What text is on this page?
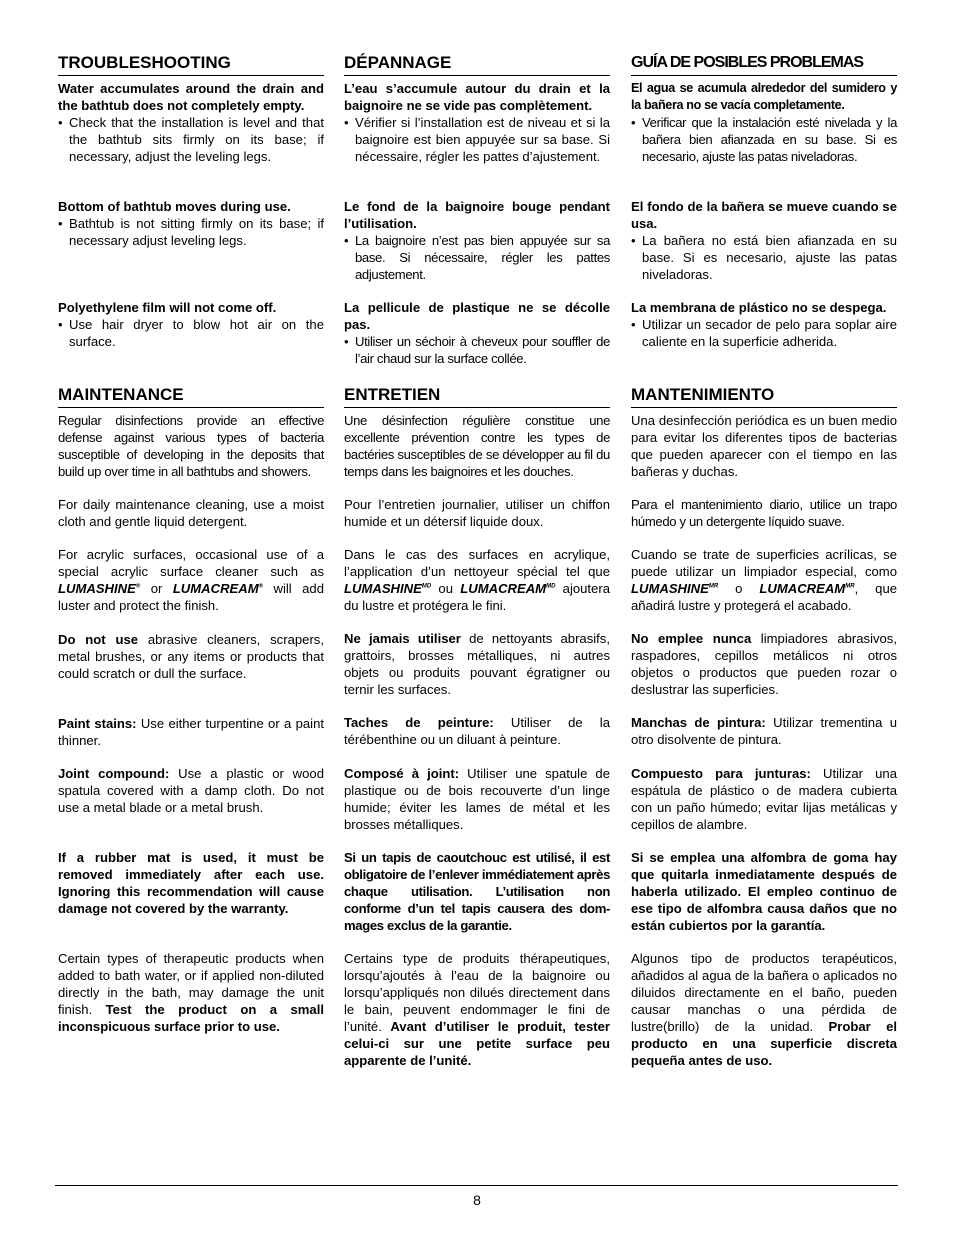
TROUBLESHOOTING

Water accumulates around the drain and the bathtub does not completely empty.

• Check that the installation is level and that the bathtub sits firmly on its base; if necessary, adjust the leveling legs.

Bottom of bathtub moves during use.

• Bathtub is not sitting firmly on its base; if necessary adjust leveling legs.

Polyethylene film will not come off.

• Use hair dryer to blow hot air on the surface.
MAINTENANCE

Regular disinfections provide an effective defense against various types of bacteria susceptible of developing in the deposits that build up over time in all bathtubs and showers.

For daily maintenance cleaning, use a moist cloth and gentle liquid detergent.

For acrylic surfaces, occasional use of a special acrylic surface cleaner such as LUMASHINE® or LUMACREAM® will add luster and protect the finish.

Do not use abrasive cleaners, scrapers, metal brushes, or any items or products that could scratch or dull the surface.

Paint stains: Use either turpentine or a paint thinner.

Joint compound: Use a plastic or wood spatula covered with a damp cloth. Do not use a metal blade or a metal brush.

If a rubber mat is used, it must be removed immediately after each use. Ignoring this recommendation will cause damage not covered by the warranty.

Certain types of therapeutic products when added to bath water, or if applied non-diluted directly in the bath, may damage the unit finish. Test the product on a small inconspicuous surface prior to use.

DÉPANNAGE

L’eau s’accumule autour du drain et la baignoire ne se vide pas complètement.

• Vérifier si l’installation est de niveau et si la baignoire est bien appuyée sur sa base. Si nécessaire, régler les pattes d’ajustement.

Le fond de la baignoire bouge pendant l’utilisation.

• La baignoire n’est pas bien appuyée sur sa base. Si nécessaire, régler les pattes adjustement.

La pellicule de plastique ne se décolle pas.

• Utiliser un séchoir à cheveux pour souffler de l’air chaud sur la surface collée.
ENTRETIEN

Une désinfection régulière constitue une excellente prévention contre les types de bactéries susceptibles de se développer au fil du temps dans les baignoires et les douches.

Pour l’entretien journalier, utiliser un chiffon humide et un détersif liquide doux.

Dans le cas des surfaces en acrylique, l’application d’un nettoyeur spécial tel que $LUMASHINE^{MD}$ ou $LUMACREAM^{MD}$ ajoutera du lustre et protégera le fini.

Ne jamais utiliser de nettoyants abrasifs, grattoirs, brosses métalliques, ni autres objets ou produits pouvant égratigner ou ternir les surfaces.

Taches de peinture: Utiliser de la térébenthine ou un diluant à peinture.

Composé à joint: Utiliser une spatule de plastique ou de bois recouverte d’un linge humide; éviter les lames de métal et les brosses métalliques.

Si un tapis de caoutchouc est utilisé, il est obligatoire de l’enlever immédiatement après chaque utilisation. L’utilisation non conforme d’un tel tapis causera des dom- mages exclus de la garantie.

Certains type de produits thérapeutiques, lorsqu’ajoutés à l’eau de la baignoire ou lorsqu’appliqués non dilués directement dans le bain, peuvent endommager le fini de l’unité. Avant d’utiliser le produit, tester celui-ci sur une petite surface peu apparente de l’unité.

GUÍA DE POSIBLES PROBLEMAS

El agua se acumula alrededor del sumidero y la bañera no se vacía completamente.

• Verificar que la instalación esté nivelada y la bañera bien afianzada en su base. Si es necesario, ajuste las patas niveladoras.

El fondo de la bañera se mueve cuando se usa.

• La bañera no está bien afianzada en su base. Si es necesario, ajuste las patas niveladoras.

La membrana de plástico no se despega.

• Utilizar un secador de pelo para soplar aire caliente en la superficie adherida.
MANTENIMIENTO

Una desinfección periódica es un buen medio para evitar los diferentes tipos de bacterias que pueden aparecer con el tiempo en las bañeras y duchas.

Para el mantenimiento diario, utilice un trapo húmedo y un detergente líquido suave.

Cuando se trate de superficies acrílicas, se puede utilizar un limpiador especial, como $LUMASHINE^{MR}$ o $LUMACREAM^{MR}$, que añadirá lustre y protegerá el acabado.

No emplee nunca limpiadores abrasivos, raspadores, cepillos metálicos ni otros objetos o productos que pueden rozar o deslustrar las superficies.

Manchas de pintura: Utilizar trementina u otro disolvente de pintura.

Compuesto para junturas: Utilizar una espátula de plástico o de madera cubierta con un paño húmedo; evitar lijas metálicas y cepillos de alambre.

Si se emplea una alfombra de goma hay que quitarla inmediatamente después de haberla utilizado. El empleo continuo de ese tipo de alfombra causa daños que no están cubiertos por la garantía.

Algunos tipo de productos terapéuticos, añadidos al agua de la bañera o aplicados no diluidos directamente en el baño, pueden causar manchas o una pérdida de lustre(brillo) de la unidad. Probar el producto en una superficie discreta pequeña antes de uso.

8
